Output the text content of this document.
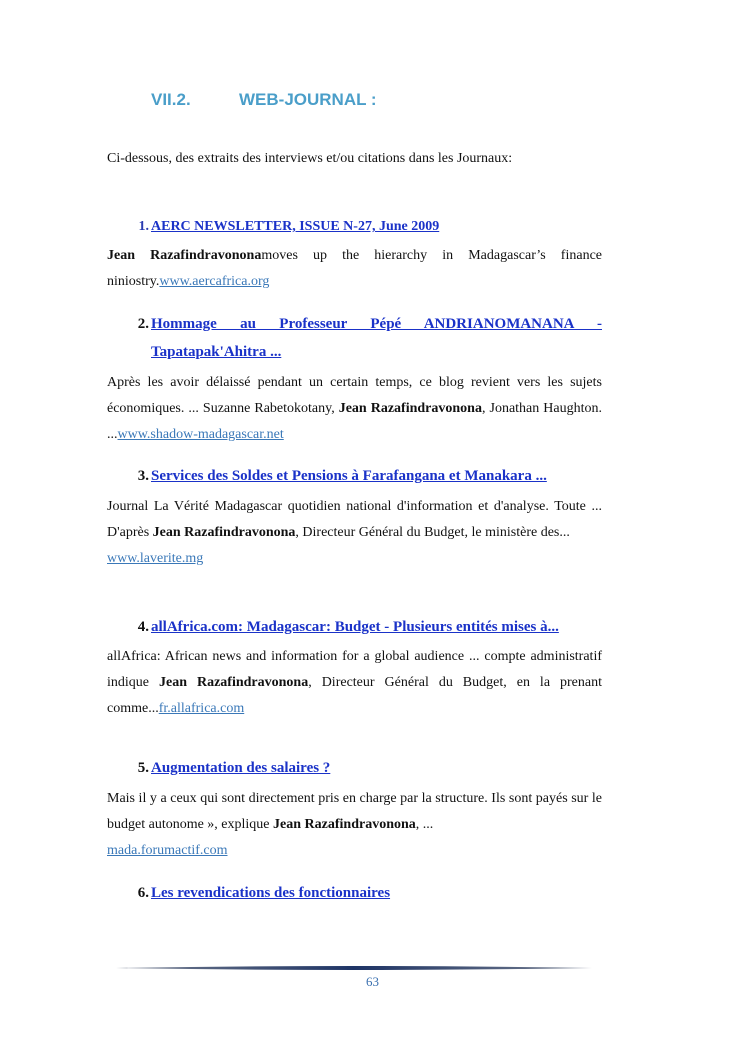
VII.2.	WEB-JOURNAL :
Ci-dessous, des extraits des interviews et/ou citations dans les Journaux:
1. AERC NEWSLETTER, ISSUE N-27, June 2009
Jean Razafindravononamoves up the hierarchy in Madagascar’s finance niniostry.www.aercafrica.org
2. Hommage au Professeur Pépé ANDRIANOMANANA -
Tapatapak'Ahitra ...
Après les avoir délaissé pendant un certain temps, ce blog revient vers les sujets économiques. ... Suzanne Rabetokotany, Jean Razafindravonona, Jonathan Haughton. ...www.shadow-madagascar.net
3. Services des Soldes et Pensions à Farafangana et Manakara ...
Journal La Vérité Madagascar quotidien national d'information et d'analyse. Toute ... D'après Jean Razafindravonona, Directeur Général du Budget, le ministère des...
www.laverite.mg
4. allAfrica.com: Madagascar: Budget - Plusieurs entités mises à...
allAfrica: African news and information for a global audience ... compte administratif indique Jean Razafindravonona, Directeur Général du Budget, en la prenant comme...fr.allafrica.com
5. Augmentation des salaires ?
Mais il y a ceux qui sont directement pris en charge par la structure. Ils sont payés sur le budget autonome », explique Jean Razafindravonona, ...
mada.forumactif.com
6. Les revendications des fonctionnaires
63
